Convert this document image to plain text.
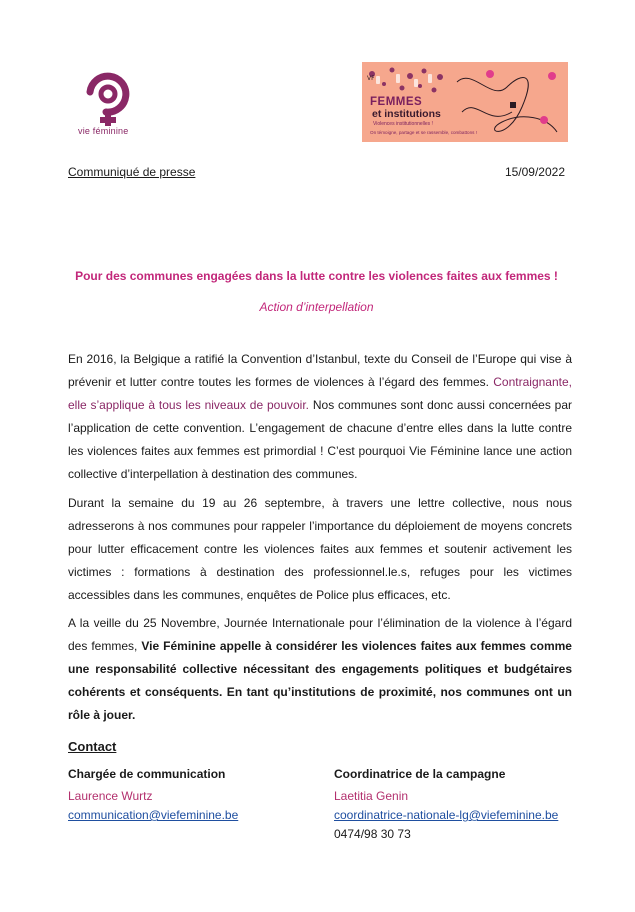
vie féminine
VF
FEMMES
et institutions
Violences institutionnelles !
On témoigne, partage et se rassemble, combattons !
Communiqué de presse	15/09/2022
Pour des communes engagées dans la lutte contre les violences faites aux femmes !
Action d’interpellation
En 2016, la Belgique a ratifié la Convention d’Istanbul, texte du Conseil de l’Europe qui vise à prévenir et lutter contre toutes les formes de violences à l’égard des femmes. Contraignante, elle s’applique à tous les niveaux de pouvoir. Nos communes sont donc aussi concernées par l’application de cette convention. L’engagement de chacune d’entre elles dans la lutte contre les violences faites aux femmes est primordial ! C’est pourquoi Vie Féminine lance une action collective d’interpellation à destination des communes.
Durant la semaine du 19 au 26 septembre, à travers une lettre collective, nous nous adresserons à nos communes pour rappeler l’importance du déploiement de moyens concrets pour lutter efficacement contre les violences faites aux femmes et soutenir activement les victimes : formations à destination des professionnel.le.s, refuges pour les victimes accessibles dans les communes, enquêtes de Police plus efficaces, etc.
A la veille du 25 Novembre, Journée Internationale pour l’élimination de la violence à l’égard des femmes, Vie Féminine appelle à considérer les violences faites aux femmes comme une responsabilité collective nécessitant des engagements politiques et budgétaires cohérents et conséquents. En tant qu’institutions de proximité, nos communes ont un rôle à jouer.
Contact
Chargée de communication
Laurence Wurtz
communication@viefeminine.be
Coordinatrice de la campagne
Laetitia Genin
coordinatrice-nationale-lg@viefeminine.be
0474/98 30 73
